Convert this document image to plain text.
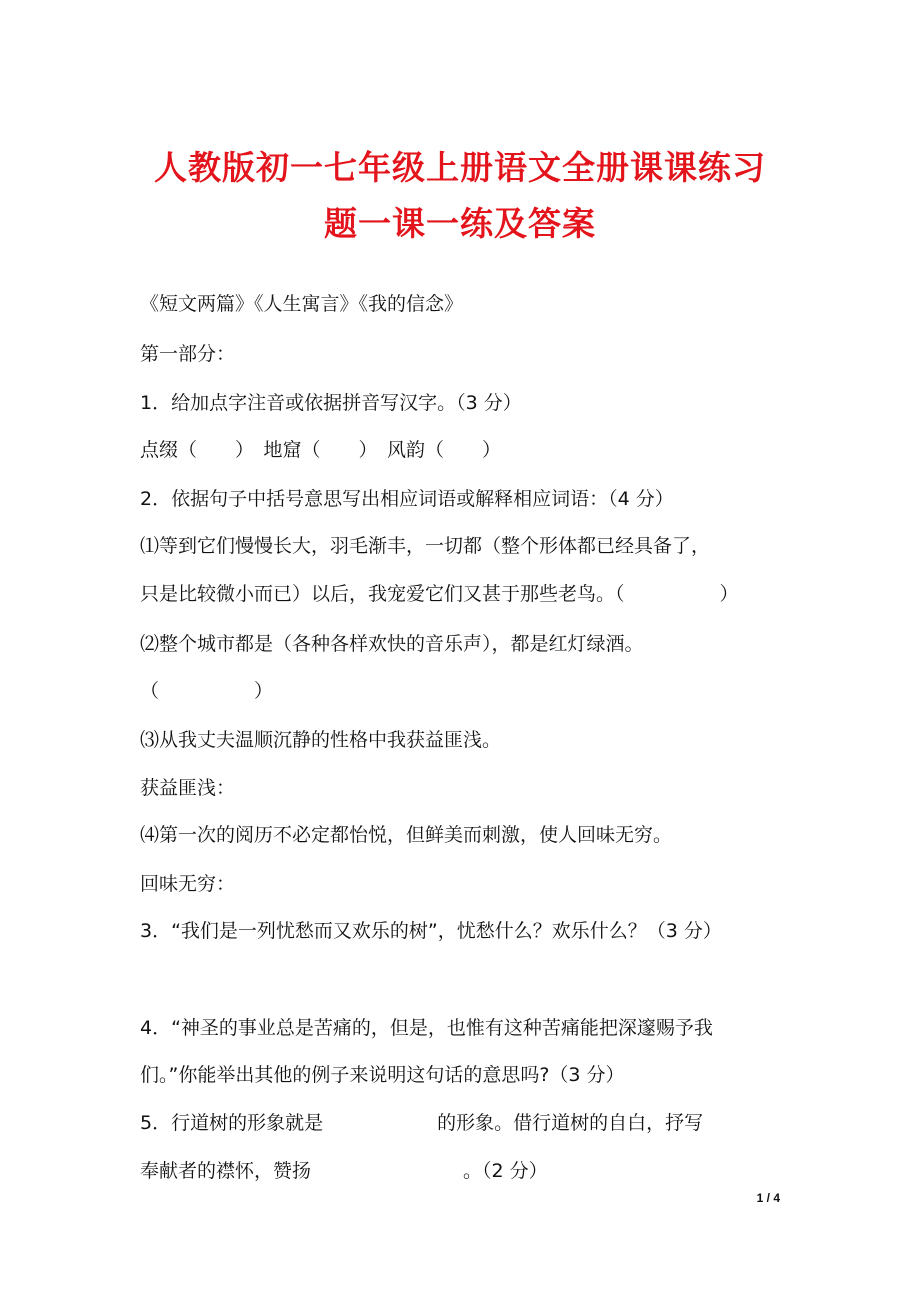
人教版初一七年级上册语文全册课课练习
题一课一练及答案
《短文两篇》《人生寓言》《我的信念》
第一部分：
1．给加点字注音或依据拼音写汉字。（3 分）
点缀（　　）　地窟（　　）　风韵（　　）
2．依据句子中括号意思写出相应词语或解释相应词语：（4 分）
⑴等到它们慢慢长大，羽毛渐丰，一切都（整个形体都已经具备了，
只是比较微小而已）以后，我宠爱它们又甚于那些老鸟。（　　　　　）
⑵整个城市都是（各种各样欢快的音乐声），都是红灯绿酒。
（　　　　　）
⑶从我丈夫温顺沉静的性格中我获益匪浅。
获益匪浅：
⑷第一次的阅历不必定都怡悦，但鲜美而刺激，使人回味无穷。
回味无穷：
3．“我们是一列忧愁而又欢乐的树”，忧愁什么？欢乐什么？（3 分）
4．“神圣的事业总是苦痛的，但是，也惟有这种苦痛能把深邃赐予我
们。”你能举出其他的例子来说明这句话的意思吗?（3 分）
5．行道树的形象就是　　　　　　的形象。借行道树的自白，抒写
奉献者的襟怀，赞扬　　　　　　　　。（2 分）
1 / 4
